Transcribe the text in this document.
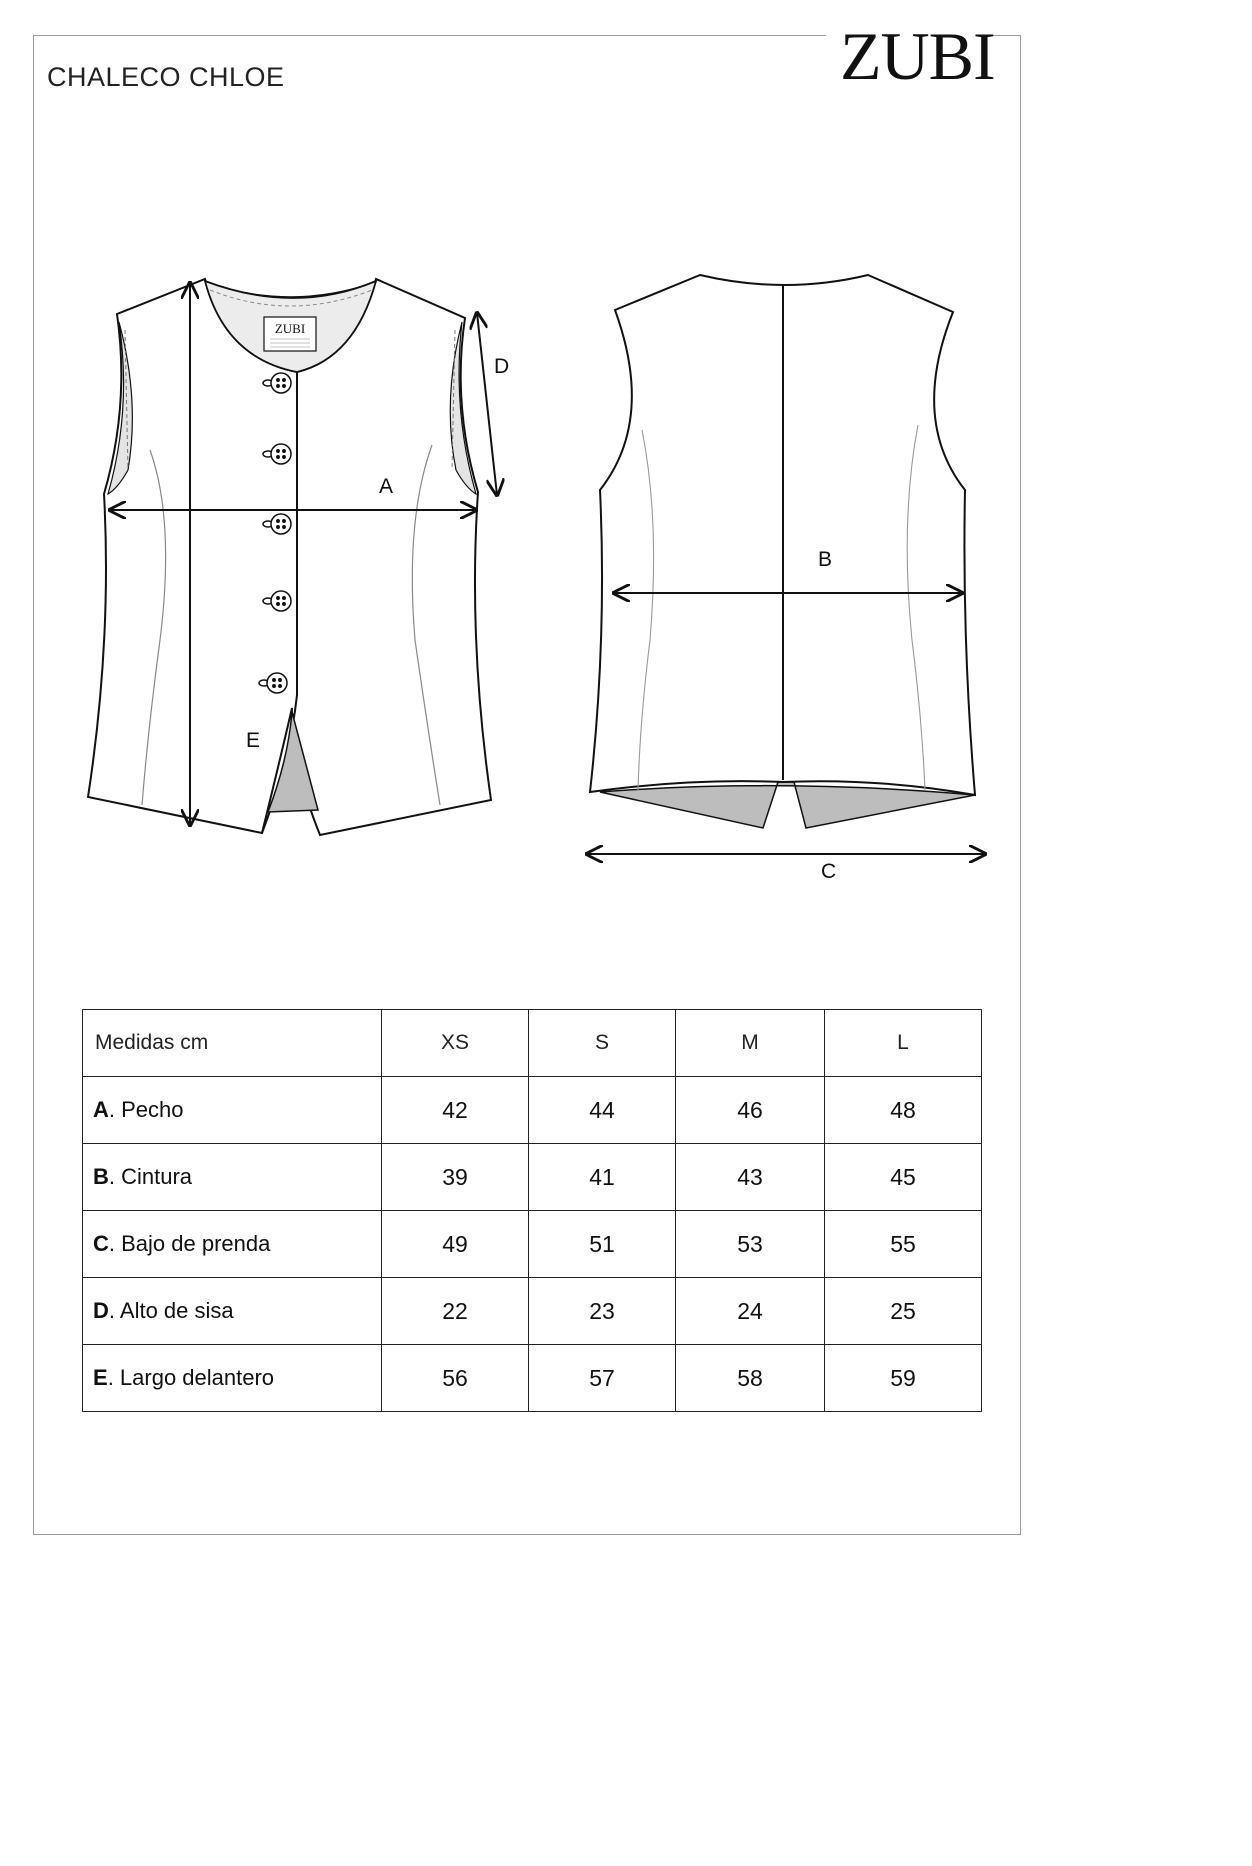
CHALECO CHLOE	ZUBI
ZUBI
A
D
E
B
C
Medidas cm	XS	S	M	L
A. Pecho	42	44	46	48
B. Cintura	39	41	43	45
C. Bajo de prenda	49	51	53	55
D. Alto de sisa	22	23	24	25
E. Largo delantero	56	57	58	59
